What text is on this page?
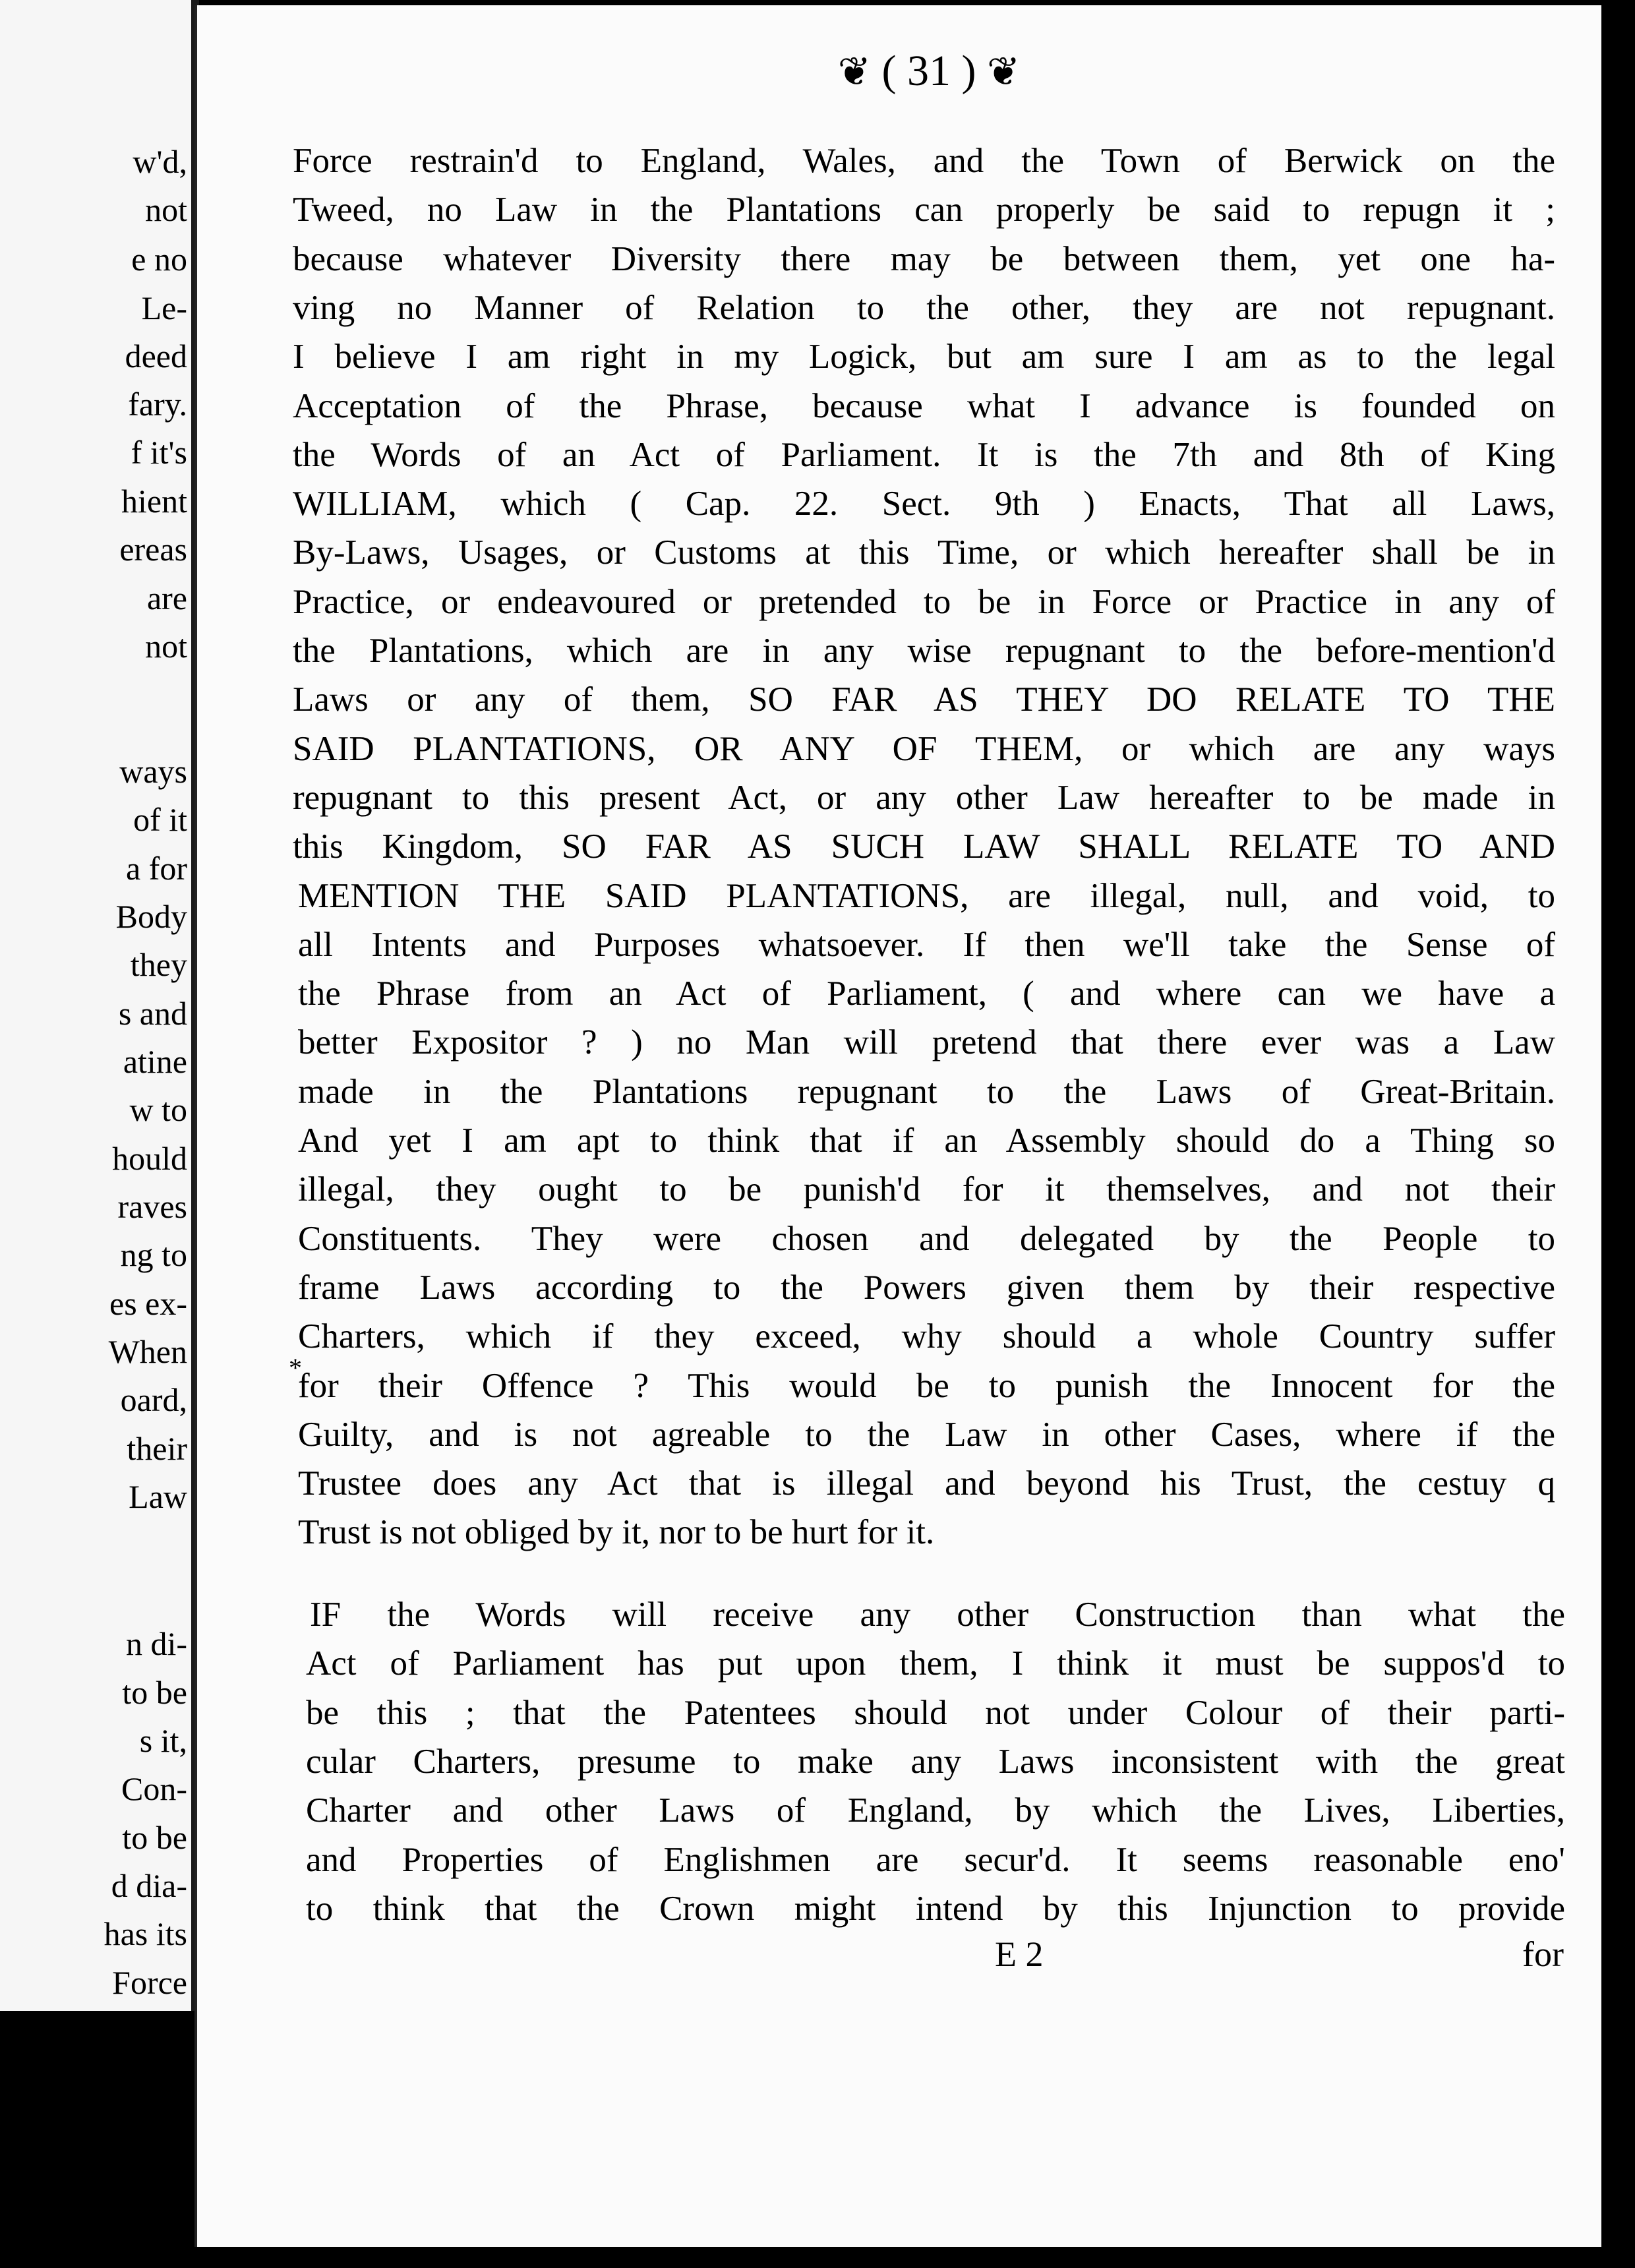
w'd,
not
e no
Le-
deed
fary.
f it's
hient
ereas
are
not
ways
of it
a for
Body
they
s and
atine
w to
hould
raves
ng to
es ex-
When
oard,
their
Law
n di-
to be
s it,
Con-
to be
d dia-
has its
Force
❦ ( 31 ) ❦
Force restrain'd to England, Wales, and the Town of Berwick on the
Tweed, no Law in the Plantations can properly be said to repugn it ;
because whatever Diversity there may be between them, yet one ha-
ving no Manner of Relation to the other, they are not repugnant.
I believe I am right in my Logick, but am sure I am as to the legal
Acceptation of the Phrase, because what I advance is founded on
the Words of an Act of Parliament. It is the 7th and 8th of King
WILLIAM, which ( Cap. 22. Sect. 9th ) Enacts, That all Laws,
By-Laws, Usages, or Customs at this Time, or which hereafter shall be in
Practice, or endeavoured or pretended to be in Force or Practice in any of
the Plantations, which are in any wise repugnant to the before-mention'd
Laws or any of them, SO FAR AS THEY DO RELATE TO THE
SAID PLANTATIONS, OR ANY OF THEM, or which are any ways
repugnant to this present Act, or any other Law hereafter to be made in
this Kingdom, SO FAR AS SUCH LAW SHALL RELATE TO AND
MENTION THE SAID PLANTATIONS, are illegal, null, and void, to
all Intents and Purposes whatsoever. If then we'll take the Sense of
the Phrase from an Act of Parliament, ( and where can we have a
better Expositor ? ) no Man will pretend that there ever was a Law
made in the Plantations repugnant to the Laws of Great-Britain.
And yet I am apt to think that if an Assembly should do a Thing so
illegal, they ought to be punish'd for it themselves, and not their
Constituents. They were chosen and delegated by the People to
frame Laws according to the Powers given them by their respective
Charters, which if they exceed, why should a whole Country suffer
for their Offence ? This would be to punish the Innocent for the
Guilty, and is not agreable to the Law in other Cases, where if the
Trustee does any Act that is illegal and beyond his Trust, the cestuy q
Trust is not obliged by it, nor to be hurt for it.
IF the Words will receive any other Construction than what the
Act of Parliament has put upon them, I think it must be suppos'd to
be this ; that the Patentees should not under Colour of their parti-
cular Charters, presume to make any Laws inconsistent with the great
Charter and other Laws of England, by which the Lives, Liberties,
and Properties of Englishmen are secur'd. It seems reasonable eno'
to think that the Crown might intend by this Injunction to provide
E 2	for
*
